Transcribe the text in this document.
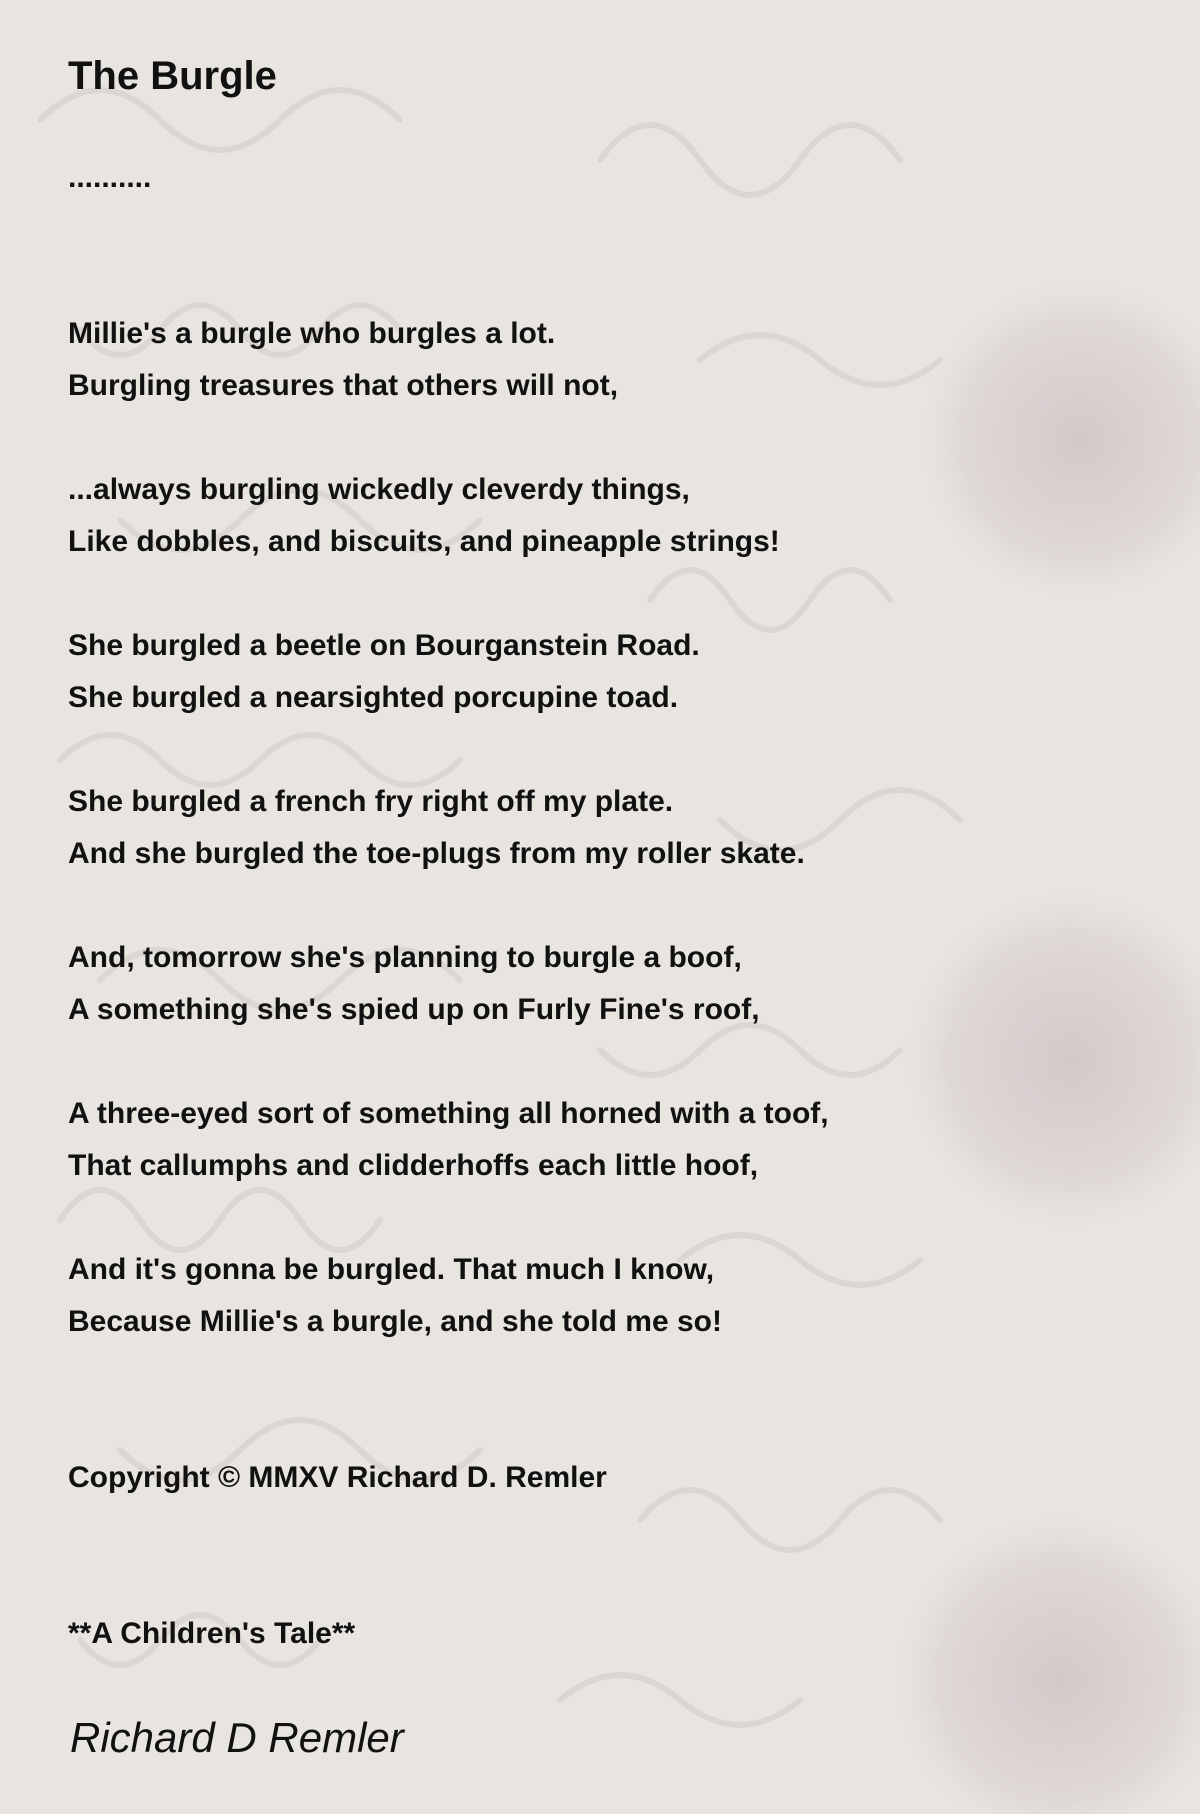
The Burgle
..........

Millie's a burgle who burgles a lot.
Burgling treasures that others will not,

...always burgling wickedly cleverdy things,
Like dobbles, and biscuits, and pineapple strings!

She burgled a beetle on Bourganstein Road.
She burgled a nearsighted porcupine toad.

She burgled a french fry right off my plate.
And she burgled the toe-plugs from my roller skate.

And, tomorrow she's planning to burgle a boof,
A something she's spied up on Furly Fine's roof,

A three-eyed sort of something all horned with a toof,
That callumphs and clidderhoffs each little hoof,

And it's gonna be burgled. That much I know,
Because Millie's a burgle, and she told me so!

Copyright © MMXV Richard D. Remler

**A Children's Tale**
Richard D Remler
